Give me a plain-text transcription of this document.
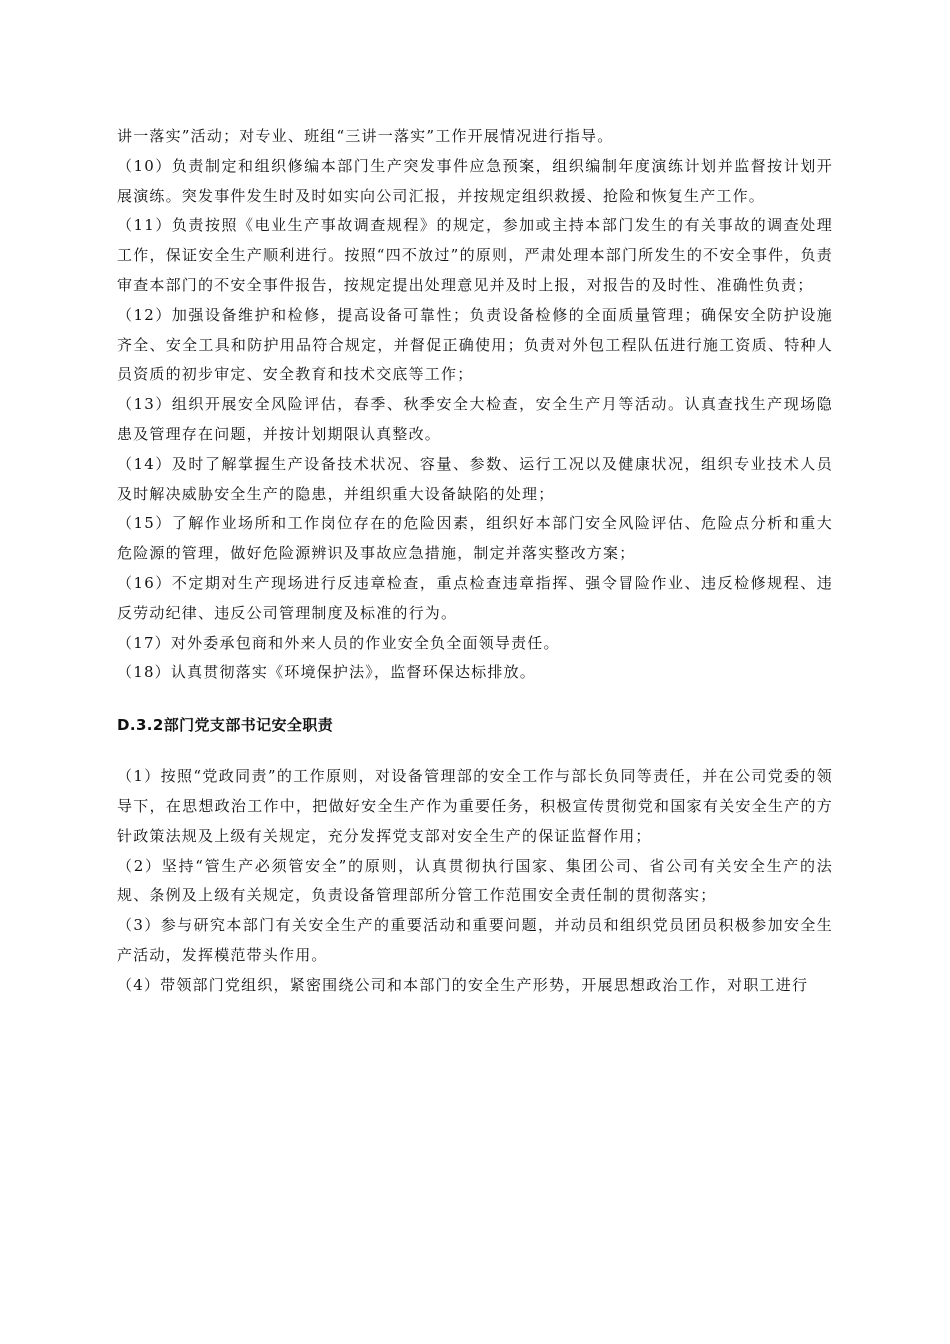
讲一落实”活动；对专业、班组“三讲一落实”工作开展情况进行指导。

（10）负责制定和组织修编本部门生产突发事件应急预案，组织编制年度演练计划并监督按计划开展演练。突发事件发生时及时如实向公司汇报，并按规定组织救援、抢险和恢复生产工作。

（11）负责按照《电业生产事故调查规程》的规定，参加或主持本部门发生的有关事故的调查处理工作，保证安全生产顺利进行。按照“四不放过”的原则，严肃处理本部门所发生的不安全事件，负责审查本部门的不安全事件报告，按规定提出处理意见并及时上报，对报告的及时性、准确性负责；

（12）加强设备维护和检修，提高设备可靠性；负责设备检修的全面质量管理；确保安全防护设施齐全、安全工具和防护用品符合规定，并督促正确使用；负责对外包工程队伍进行施工资质、特种人员资质的初步审定、安全教育和技术交底等工作；

（13）组织开展安全风险评估，春季、秋季安全大检查，安全生产月等活动。认真查找生产现场隐患及管理存在问题，并按计划期限认真整改。

（14）及时了解掌握生产设备技术状况、容量、参数、运行工况以及健康状况，组织专业技术人员及时解决威胁安全生产的隐患，并组织重大设备缺陷的处理；

（15）了解作业场所和工作岗位存在的危险因素，组织好本部门安全风险评估、危险点分析和重大危险源的管理，做好危险源辨识及事故应急措施，制定并落实整改方案；

（16）不定期对生产现场进行反违章检查，重点检查违章指挥、强令冒险作业、违反检修规程、违反劳动纪律、违反公司管理制度及标准的行为。

（17）对外委承包商和外来人员的作业安全负全面领导责任。

（18）认真贯彻落实《环境保护法》，监督环保达标排放。

D.3.2部门党支部书记安全职责

（1）按照“党政同责”的工作原则，对设备管理部的安全工作与部长负同等责任，并在公司党委的领导下，在思想政治工作中，把做好安全生产作为重要任务，积极宣传贯彻党和国家有关安全生产的方针政策法规及上级有关规定，充分发挥党支部对安全生产的保证监督作用；

（2）坚持“管生产必须管安全”的原则，认真贯彻执行国家、集团公司、省公司有关安全生产的法规、条例及上级有关规定，负责设备管理部所分管工作范围安全责任制的贯彻落实；

（3）参与研究本部门有关安全生产的重要活动和重要问题，并动员和组织党员团员积极参加安全生产活动，发挥模范带头作用。

（4）带领部门党组织，紧密围绕公司和本部门的安全生产形势，开展思想政治工作，对职工进行
